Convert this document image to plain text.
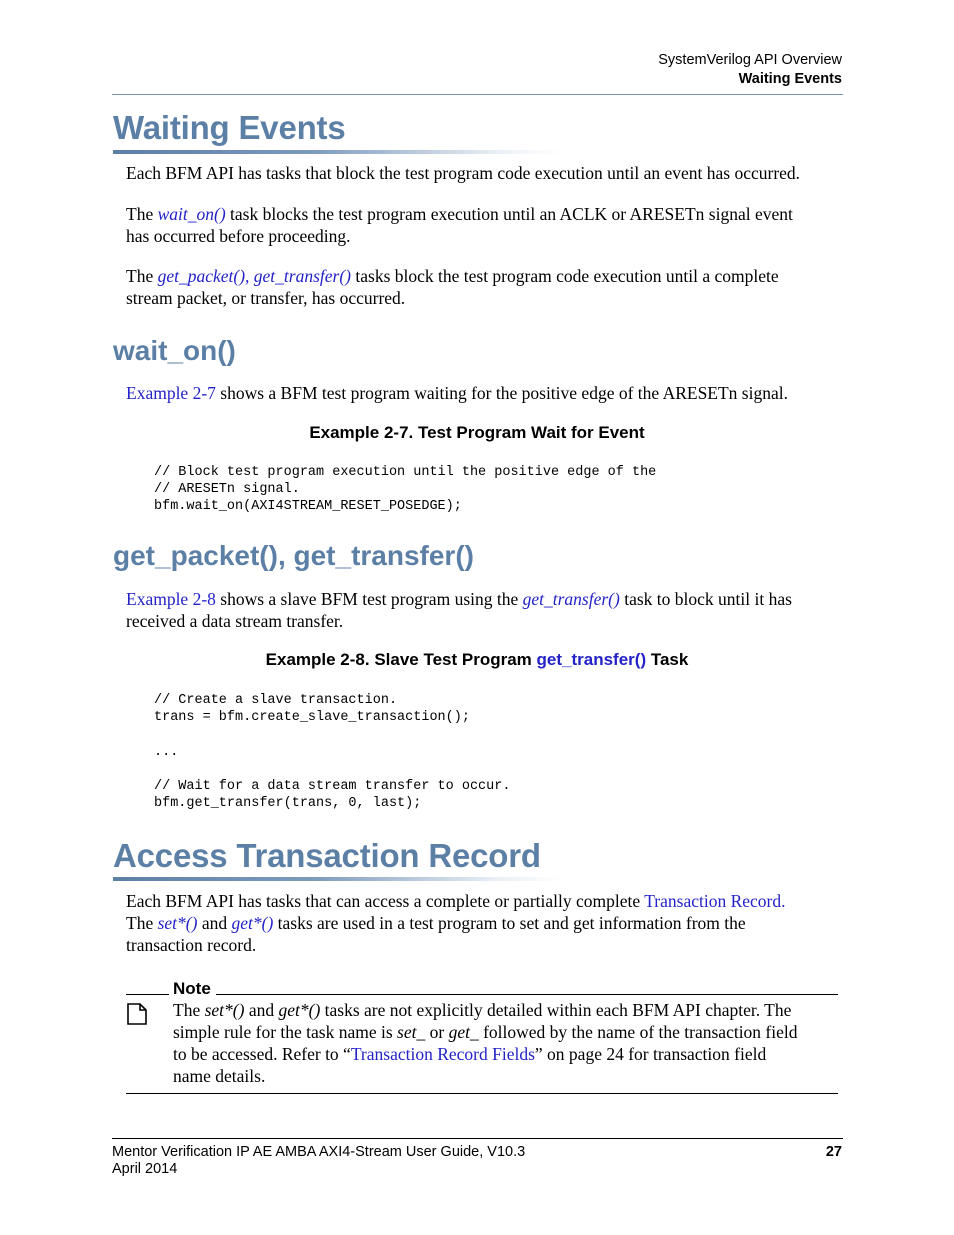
SystemVerilog API Overview
Waiting Events
Waiting Events
Each BFM API has tasks that block the test program code execution until an event has occurred.
The wait_on() task blocks the test program execution until an ACLK or ARESETn signal event
has occurred before proceeding.
The get_packet(), get_transfer() tasks block the test program code execution until a complete
stream packet, or transfer, has occurred.
wait_on()
Example 2-7 shows a BFM test program waiting for the positive edge of the ARESETn signal.
Example 2-7. Test Program Wait for Event
// Block test program execution until the positive edge of the
// ARESETn signal.
bfm.wait_on(AXI4STREAM_RESET_POSEDGE);
get_packet(), get_transfer()
Example 2-8 shows a slave BFM test program using the get_transfer() task to block until it has
received a data stream transfer.
Example 2-8. Slave Test Program get_transfer() Task
// Create a slave transaction.
trans = bfm.create_slave_transaction();

...

// Wait for a data stream transfer to occur.
bfm.get_transfer(trans, 0, last);
Access Transaction Record
Each BFM API has tasks that can access a complete or partially complete Transaction Record.
The set*() and get*() tasks are used in a test program to set and get information from the
transaction record.
Note
The set*() and get*() tasks are not explicitly detailed within each BFM API chapter. The
simple rule for the task name is set_ or get_ followed by the name of the transaction field
to be accessed. Refer to “Transaction Record Fields” on page 24 for transaction field
name details.
Mentor Verification IP AE AMBA AXI4-Stream User Guide, V10.3
April 2014
27
